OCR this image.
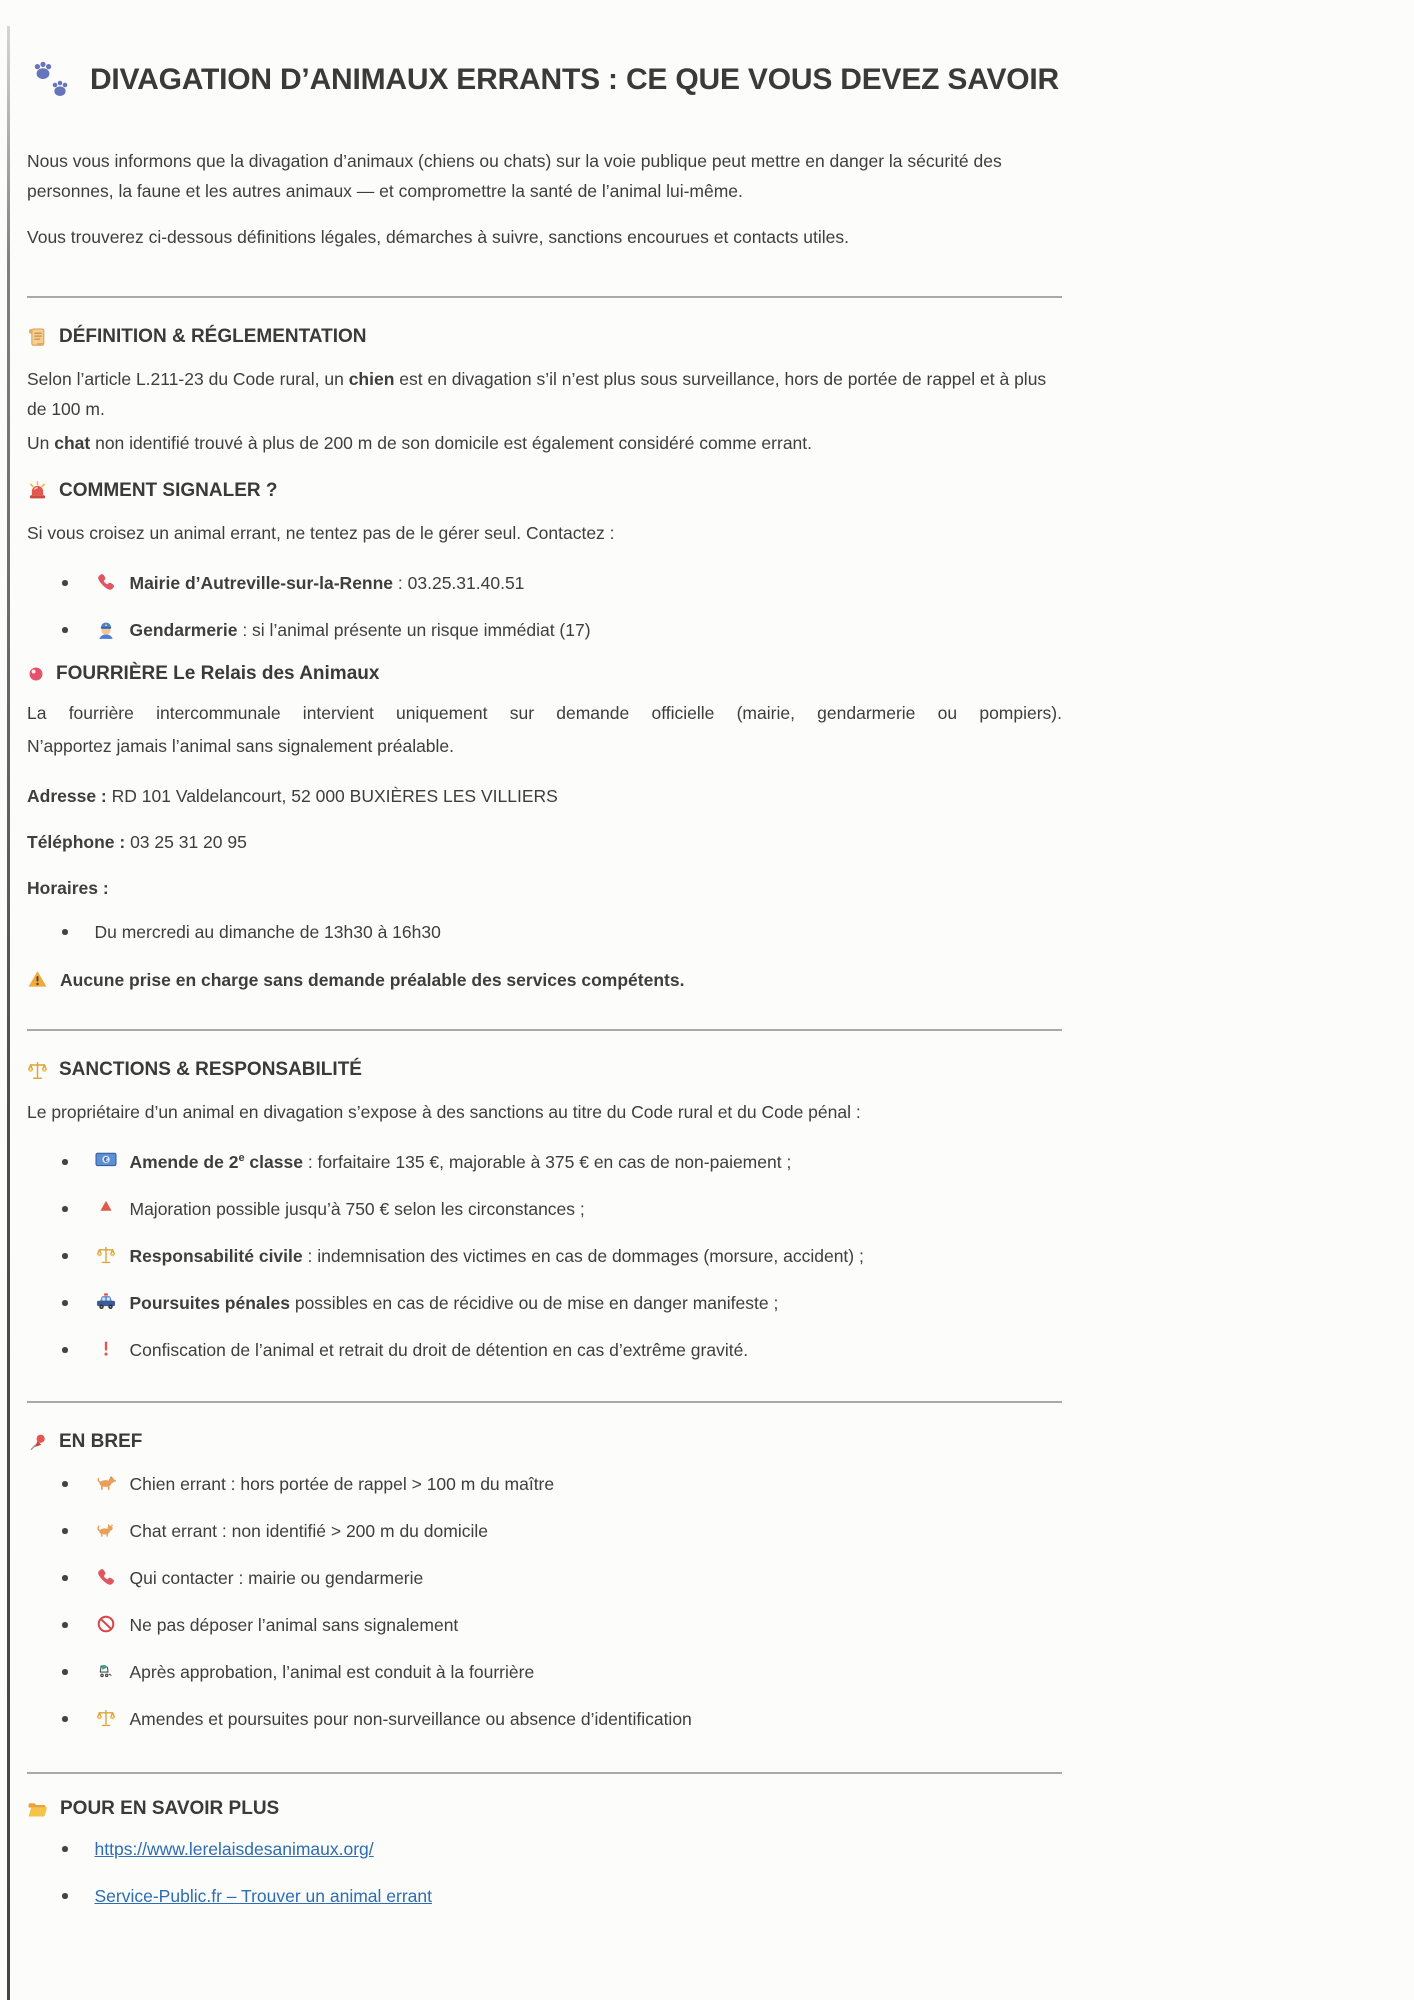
DIVAGATION D’ANIMAUX ERRANTS : CE QUE VOUS DEVEZ SAVOIR

Nous vous informons que la divagation d’animaux (chiens ou chats) sur la voie publique peut mettre en danger la sécurité des personnes, la faune et les autres animaux — et compromettre la santé de l’animal lui-même.

Vous trouverez ci-dessous définitions légales, démarches à suivre, sanctions encourues et contacts utiles.

DÉFINITION & RÉGLEMENTATION

Selon l’article L.211-23 du Code rural, un chien est en divagation s’il n’est plus sous surveillance, hors de portée de rappel et à plus de 100 m.

Un chat non identifié trouvé à plus de 200 m de son domicile est également considéré comme errant.

COMMENT SIGNALER ?

Si vous croisez un animal errant, ne tentez pas de le gérer seul. Contactez :

Mairie d’Autreville-sur-la-Renne : 03.25.31.40.51
Gendarmerie : si l’animal présente un risque immédiat (17)
FOURRIÈRE Le Relais des Animaux
La fourrière intercommunale intervient uniquement sur demande officielle (mairie, gendarmerie ou pompiers).
N’apportez jamais l’animal sans signalement préalable.

Adresse : RD 101 Valdelancourt, 52 000 BUXIÈRES LES VILLIERS

Téléphone : 03 25 31 20 95

Horaires :

Du mercredi au dimanche de 13h30 à 16h30
Aucune prise en charge sans demande préalable des services compétents.
SANCTIONS & RESPONSABILITÉ

Le propriétaire d’un animal en divagation s’expose à des sanctions au titre du Code rural et du Code pénal :

€ Amende de 2e classe : forfaitaire 135 €, majorable à 375 € en cas de non-paiement ;
Majoration possible jusqu’à 750 € selon les circonstances ;
Responsabilité civile : indemnisation des victimes en cas de dommages (morsure, accident) ;
Poursuites pénales possibles en cas de récidive ou de mise en danger manifeste ;
Confiscation de l’animal et retrait du droit de détention en cas d’extrême gravité.
EN BREF
Chien errant : hors portée de rappel > 100 m du maître
Chat errant : non identifié > 200 m du domicile
Qui contacter : mairie ou gendarmerie
Ne pas déposer l’animal sans signalement
Après approbation, l’animal est conduit à la fourrière
Amendes et poursuites pour non-surveillance ou absence d’identification
POUR EN SAVOIR PLUS
https://www.lerelaisdesanimaux.org/
Service-Public.fr – Trouver un animal errant
